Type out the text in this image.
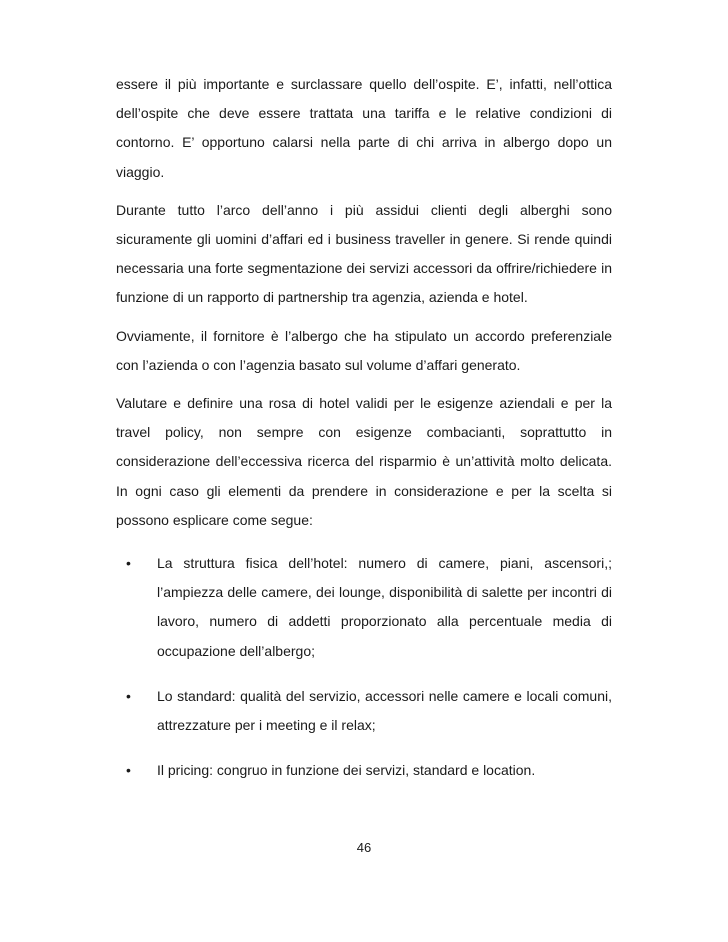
essere il più importante e surclassare quello dell’ospite. E’, infatti, nell’ottica dell’ospite che deve essere trattata una tariffa e le relative condizioni di contorno. E’ opportuno calarsi nella parte di chi arriva in albergo dopo un viaggio.

Durante tutto l’arco dell’anno i più assidui clienti degli alberghi sono sicuramente gli uomini d’affari ed i business traveller in genere. Si rende quindi necessaria una forte segmentazione dei servizi accessori da offrire/richiedere in funzione di un rapporto di partnership tra agenzia, azienda e hotel.

Ovviamente, il fornitore è l’albergo che ha stipulato un accordo preferenziale con l’azienda o con l’agenzia basato sul volume d’affari generato.

Valutare e definire una rosa di hotel validi per le esigenze aziendali e per la travel policy, non sempre con esigenze combacianti, soprattutto in considerazione dell’eccessiva ricerca del risparmio è un’attività molto delicata. In ogni caso gli elementi da prendere in considerazione e per la scelta si possono esplicare come segue:

• La struttura fisica dell’hotel: numero di camere, piani, ascensori,; l’ampiezza delle camere, dei lounge, disponibilità di salette per incontri di lavoro, numero di addetti proporzionato alla percentuale media di occupazione dell’albergo;
• Lo standard: qualità del servizio, accessori nelle camere e locali comuni, attrezzature per i meeting e il relax;
• Il pricing: congruo in funzione dei servizi, standard e location.
46
